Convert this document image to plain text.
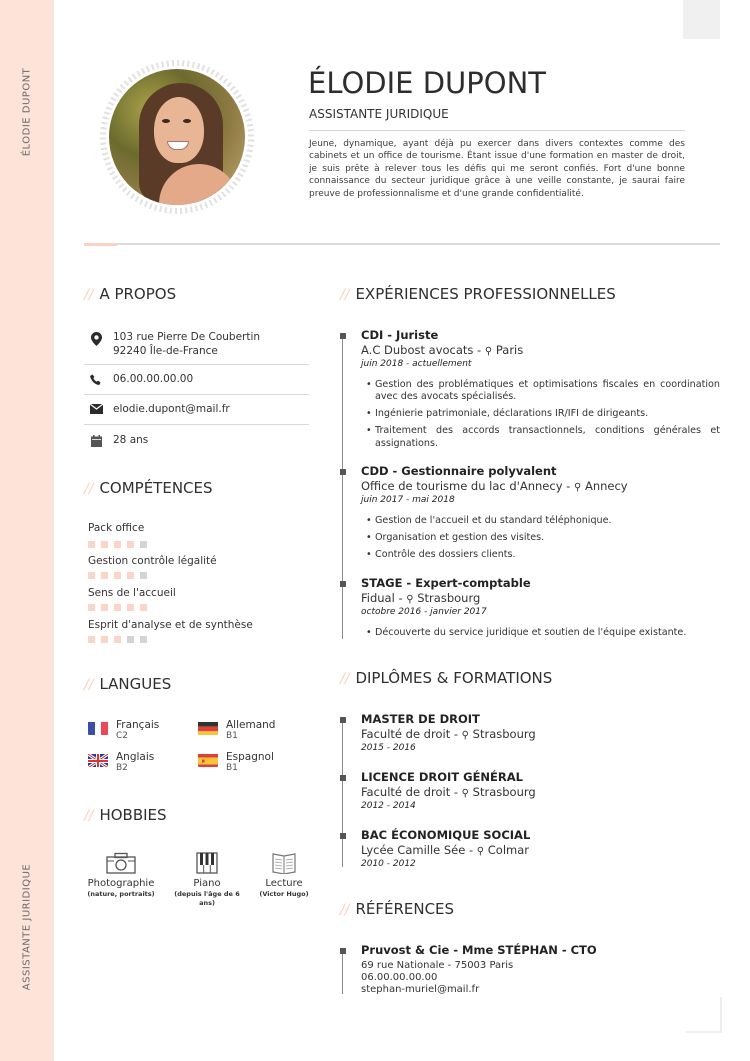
ÉLODIE DUPONT
ASSISTANTE JURIDIQUE
ÉLODIE DUPONT
ASSISTANTE JURIDIQUE
Jeune, dynamique, ayant déjà pu exercer dans divers contextes comme des cabinets et un office de tourisme. Étant issue d'une formation en master de droit, je suis prête à relever tous les défis qui me seront confiés. Fort d'une bonne connaissance du secteur juridique grâce à une veille constante, je saurai faire preuve de professionnalisme et d'une grande confidentialité.
// A PROPOS
103 rue Pierre De Coubertin
92240 Île-de-France
06.00.00.00.00
elodie.dupont@mail.fr
28 ans
// COMPÉTENCES
Pack office
Gestion contrôle légalité
Sens de l'accueil
Esprit d'analyse et de synthèse
// LANGUES
Français
C2
Allemand
B1
Anglais
B2
Espagnol
B1
// HOBBIES
Photographie
(nature, portraits)
Piano
(depuis l'âge de 6 ans)
Lecture
(Victor Hugo)
// EXPÉRIENCES PROFESSIONNELLES
CDI - Juriste
A.C Dubost avocats - ⚲ Paris
juin 2018 - actuellement
• Gestion des problématiques et optimisations fiscales en coordination avec des avocats spécialisés.
• Ingénierie patrimoniale, déclarations IR/IFI de dirigeants.
• Traitement des accords transactionnels, conditions générales et assignations.
CDD - Gestionnaire polyvalent
Office de tourisme du lac d'Annecy - ⚲ Annecy
juin 2017 - mai 2018
• Gestion de l'accueil et du standard téléphonique.
• Organisation et gestion des visites.
• Contrôle des dossiers clients.
STAGE - Expert-comptable
Fidual - ⚲ Strasbourg
octobre 2016 - janvier 2017
• Découverte du service juridique et soutien de l'équipe existante.
// DIPLÔMES & FORMATIONS
MASTER DE DROIT
Faculté de droit - ⚲ Strasbourg
2015 - 2016
LICENCE DROIT GÉNÉRAL
Faculté de droit - ⚲ Strasbourg
2012 - 2014
BAC ÉCONOMIQUE SOCIAL
Lycée Camille Sée - ⚲ Colmar
2010 - 2012
// RÉFÉRENCES
Pruvost & Cie - Mme STÉPHAN - CTO
69 rue Nationale - 75003 Paris
06.00.00.00.00
stephan-muriel@mail.fr
